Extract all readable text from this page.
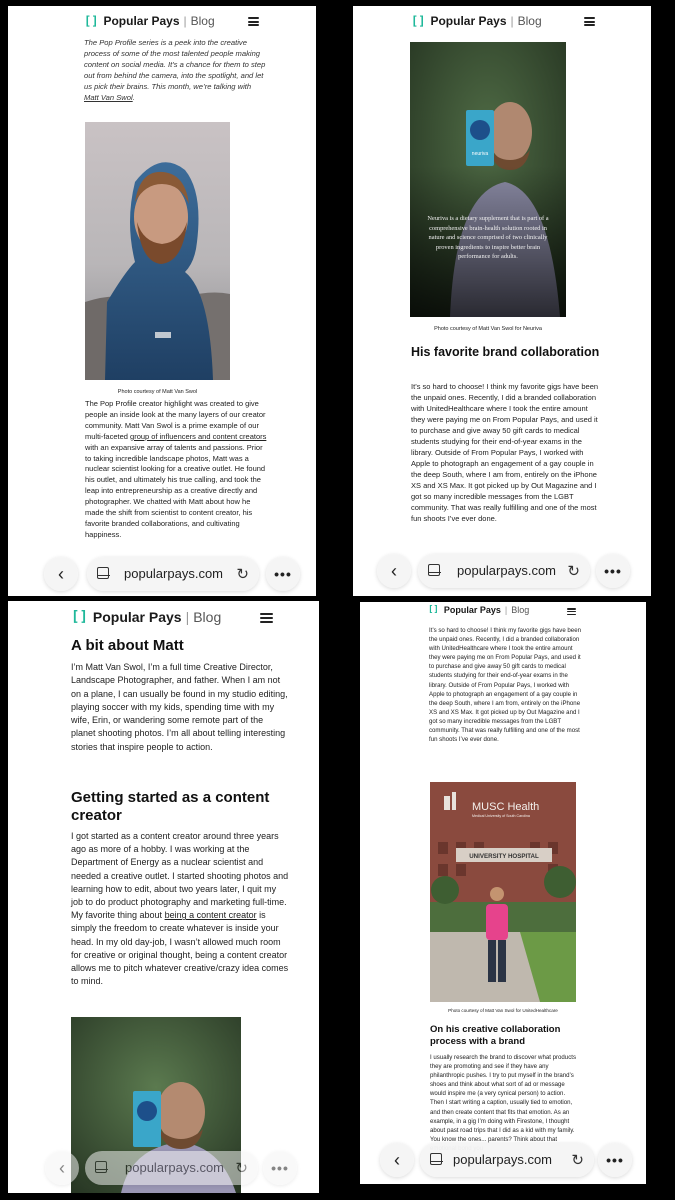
[ ] Popular Pays | Blog
The Pop Profile series is a peek into the creative process of some of the most talented people making content on social media. It’s a chance for them to step out from behind the camera, into the spotlight, and let us pick their brains. This month, we’re talking with Matt Van Swol.
Photo courtesy of Matt Van Swol
The Pop Profile creator highlight was created to give people an inside look at the many layers of our creator community. Matt Van Swol is a prime example of our multi-faceted group of influencers and content creators with an expansive array of talents and passions. Prior to taking incredible landscape photos, Matt was a nuclear scientist looking for a creative outlet. He found his outlet, and ultimately his true calling, and took the leap into entrepreneurship as a creative directly and photographer. We chatted with Matt about how he made the shift from scientist to content creator, his favorite branded collaborations, and cultivating happiness.
‹	popularpays.com ↻ •••
[ ] Popular Pays | Blog
Neuriva is a dietary supplement that is part of a comprehensive brain-health solution rooted in nature and science comprised of two clinically proven ingredients to inspire better brain performance for adults.
Photo courtesy of Matt Van Swol for Neuriva
His favorite brand collaboration
It’s so hard to choose! I think my favorite gigs have been the unpaid ones. Recently, I did a branded collaboration with UnitedHealthcare where I took the entire amount they were paying me on From Popular Pays, and used it to purchase and give away 50 gift cards to medical students studying for their end-of-year exams in the library. Outside of From Popular Pays, I worked with Apple to photograph an engagement of a gay couple in the deep South, where I am from, entirely on the iPhone XS and XS Max. It got picked up by Out Magazine and I got so many incredible messages from the LGBT community. That was really fulfilling and one of the most fun shoots I’ve ever done.
‹	popularpays.com ↻ •••
[ ] Popular Pays | Blog
A bit about Matt
I’m Matt Van Swol, I’m a full time Creative Director, Landscape Photographer, and father. When I am not on a plane, I can usually be found in my studio editing, playing soccer with my kids, spending time with my wife, Erin, or wandering some remote part of the planet shooting photos. I’m all about telling interesting stories that inspire people to action.
Getting started as a content creator
I got started as a content creator around three years ago as more of a hobby. I was working at the Department of Energy as a nuclear scientist and needed a creative outlet. I started shooting photos and learning how to edit, about two years later, I quit my job to do product photography and marketing full-time. My favorite thing about being a content creator is simply the freedom to create whatever is inside your head. In my old day-job, I wasn’t allowed much room for creative or original thought, being a content creator allows me to pitch whatever creative/crazy idea comes to mind.
‹	popularpays.com ↻ •••
[ ] Popular Pays | Blog
It’s so hard to choose! I think my favorite gigs have been the unpaid ones. Recently, I did a branded collaboration with UnitedHealthcare where I took the entire amount they were paying me on From Popular Pays, and used it to purchase and give away 50 gift cards to medical students studying for their end-of-year exams in the library. Outside of From Popular Pays, I worked with Apple to photograph an engagement of a gay couple in the deep South, where I am from, entirely on the iPhone XS and XS Max. It got picked up by Out Magazine and I got so many incredible messages from the LGBT community. That was really fulfilling and one of the most fun shoots I’ve ever done.
MUSC Health
Medical University of South Carolina
UNIVERSITY HOSPITAL
Photo courtesy of Matt Van Swol for UnitedHealthcare
On his creative collaboration process with a brand
I usually research the brand to discover what products they are promoting and see if they have any philanthropic pushes. I try to put myself in the brand’s shoes and think about what sort of ad or message would inspire me (a very cynical person) to action. Then I start writing a caption, usually tied to emotion, and then create content that fits that emotion. As an example, in a gig I’m doing with Firestone, I thought about past road trips that I did as a kid with my family. You know the ones... parents? Think about that
‹	popularpays.com ↻ •••
